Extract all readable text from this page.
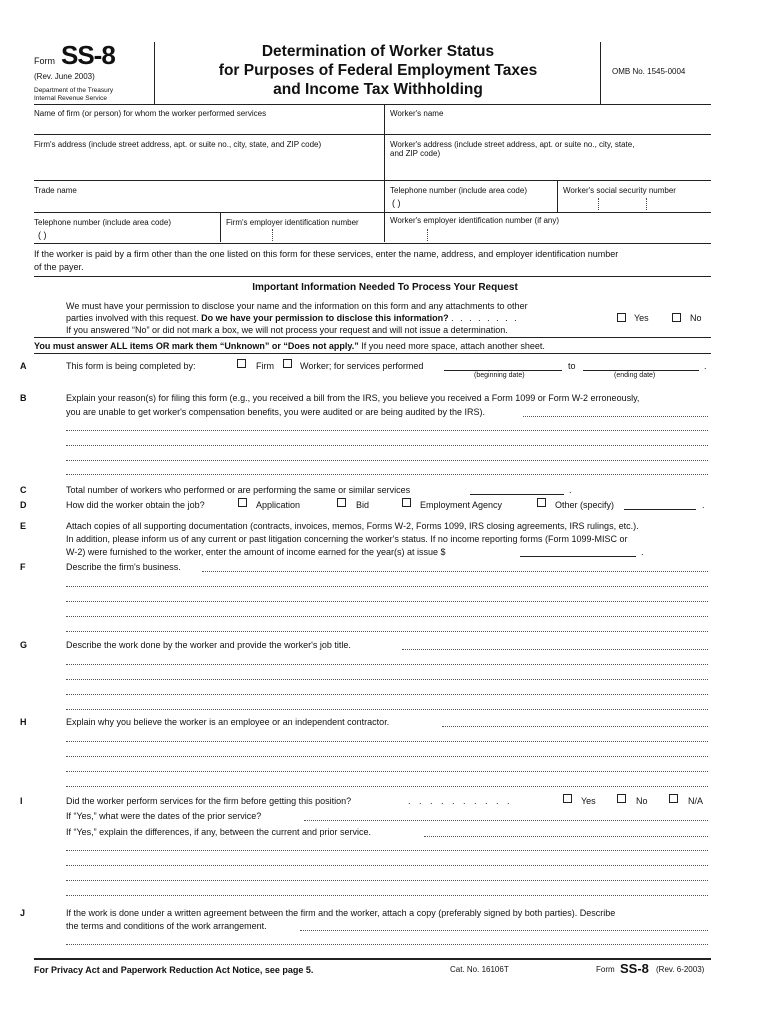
Form SS-8
(Rev. June 2003)
Department of the Treasury
Internal Revenue Service
Determination of Worker Status
for Purposes of Federal Employment Taxes
and Income Tax Withholding
OMB No. 1545-0004
Name of firm (or person) for whom the worker performed services	Worker's name
Firm's address (include street address, apt. or suite no., city, state, and ZIP code)	Worker's address (include street address, apt. or suite no., city, state,
and ZIP code)
Trade name	Telephone number (include area code)	Worker's social security number
( )
Telephone number (include area code)	Firm's employer identification number	Worker's employer identification number (if any)
( )
If the worker is paid by a firm other than the one listed on this form for these services, enter the name, address, and employer identification number
of the payer.
Important Information Needed To Process Your Request
We must have your permission to disclose your name and the information on this form and any attachments to other
parties involved with this request. Do we have your permission to disclose this information? . . . . . . . .	Yes	No
If you answered “No” or did not mark a box, we will not process your request and will not issue a determination.
You must answer ALL items OR mark them “Unknown” or “Does not apply.” If you need more space, attach another sheet.
A	This form is being completed by:	Firm	Worker; for services performed	to	.
(beginning date)	(ending date)
B	Explain your reason(s) for filing this form (e.g., you received a bill from the IRS, you believe you received a Form 1099 or Form W-2 erroneously,
you are unable to get worker's compensation benefits, you were audited or are being audited by the IRS).
C	Total number of workers who performed or are performing the same or similar services	.
D	How did the worker obtain the job?	Application	Bid	Employment Agency	Other (specify)	.
E	Attach copies of all supporting documentation (contracts, invoices, memos, Forms W-2, Forms 1099, IRS closing agreements, IRS rulings, etc.).
In addition, please inform us of any current or past litigation concerning the worker's status. If no income reporting forms (Form 1099-MISC or
W-2) were furnished to the worker, enter the amount of income earned for the year(s) at issue $	.
F	Describe the firm's business.
G	Describe the work done by the worker and provide the worker's job title.
H	Explain why you believe the worker is an employee or an independent contractor.
I	Did the worker perform services for the firm before getting this position?	. . . . . . . . . .	Yes	No	N/A
If “Yes,” what were the dates of the prior service?
If “Yes,” explain the differences, if any, between the current and prior service.
J	If the work is done under a written agreement between the firm and the worker, attach a copy (preferably signed by both parties). Describe
the terms and conditions of the work arrangement.
For Privacy Act and Paperwork Reduction Act Notice, see page 5.	Cat. No. 16106T	Form SS-8 (Rev. 6-2003)
